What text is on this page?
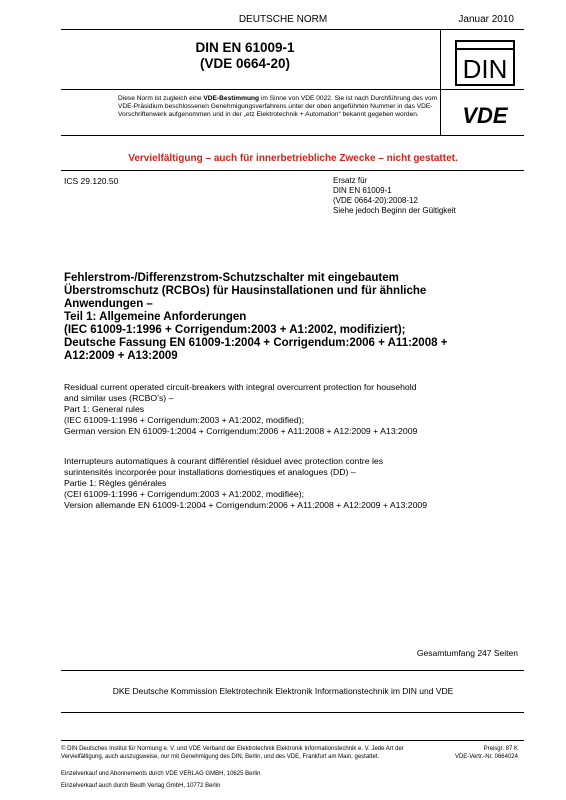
DEUTSCHE NORM	Januar 2010
DIN EN 61009-1
(VDE 0664-20)	DIN
Diese Norm ist zugleich eine VDE-Bestimmung im Sinne von VDE 0022. Sie ist nach Durchführung des vom VDE-Präsidium beschlossenen Genehmigungsverfahrens unter der oben angeführten Nummer in das VDE-Vorschriftenwerk aufgenommen und in der „etz Elektrotechnik + Automation“ bekannt gegeben worden.	VDE
Vervielfältigung – auch für innerbetriebliche Zwecke – nicht gestattet.
ICS 29.120.50	Ersatz für
DIN EN 61009-1
(VDE 0664-20):2008-12
Siehe jedoch Beginn der Gültigkeit
Fehlerstrom-/Differenzstrom-Schutzschalter mit eingebautem
Überstromschutz (RCBOs) für Hausinstallationen und für ähnliche
Anwendungen –
Teil 1: Allgemeine Anforderungen
(IEC 61009-1:1996 + Corrigendum:2003 + A1:2002, modifiziert);
Deutsche Fassung EN 61009-1:2004 + Corrigendum:2006 + A11:2008 +
A12:2009 + A13:2009
Residual current operated circuit-breakers with integral overcurrent protection for household
and similar uses (RCBO’s) –
Part 1: General rules
(IEC 61009-1:1996 + Corrigendum:2003 + A1:2002, modified);
German version EN 61009-1:2004 + Corrigendum:2006 + A11:2008 + A12:2009 + A13:2009
Interrupteurs automatiques à courant différentiel résiduel avec protection contre les
surintensités incorporée pour installations domestiques et analogues (DD) –
Partie 1: Règles générales
(CEI 61009-1:1996 + Corrigendum:2003 + A1:2002, modifiée);
Version allemande EN 61009-1:2004 + Corrigendum:2006 + A11:2008 + A12:2009 + A13:2009
Gesamtumfang 247 Seiten
DKE Deutsche Kommission Elektrotechnik Elektronik Informationstechnik im DIN und VDE
© DIN Deutsches Institut für Normung e. V. und VDE Verband der Elektrotechnik Elektronik Informationstechnik e. V. Jede Art der Vervielfältigung, auch auszugsweise, nur mit Genehmigung des DIN, Berlin, und des VDE, Frankfurt am Main, gestattet.
Preisgr. 87 K
VDE-Vertr.-Nr. 0664024
Einzelverkauf und Abonnements durch VDE VERLAG GMBH, 10625 Berlin
Einzelverkauf auch durch Beuth Verlag GmbH, 10772 Berlin
